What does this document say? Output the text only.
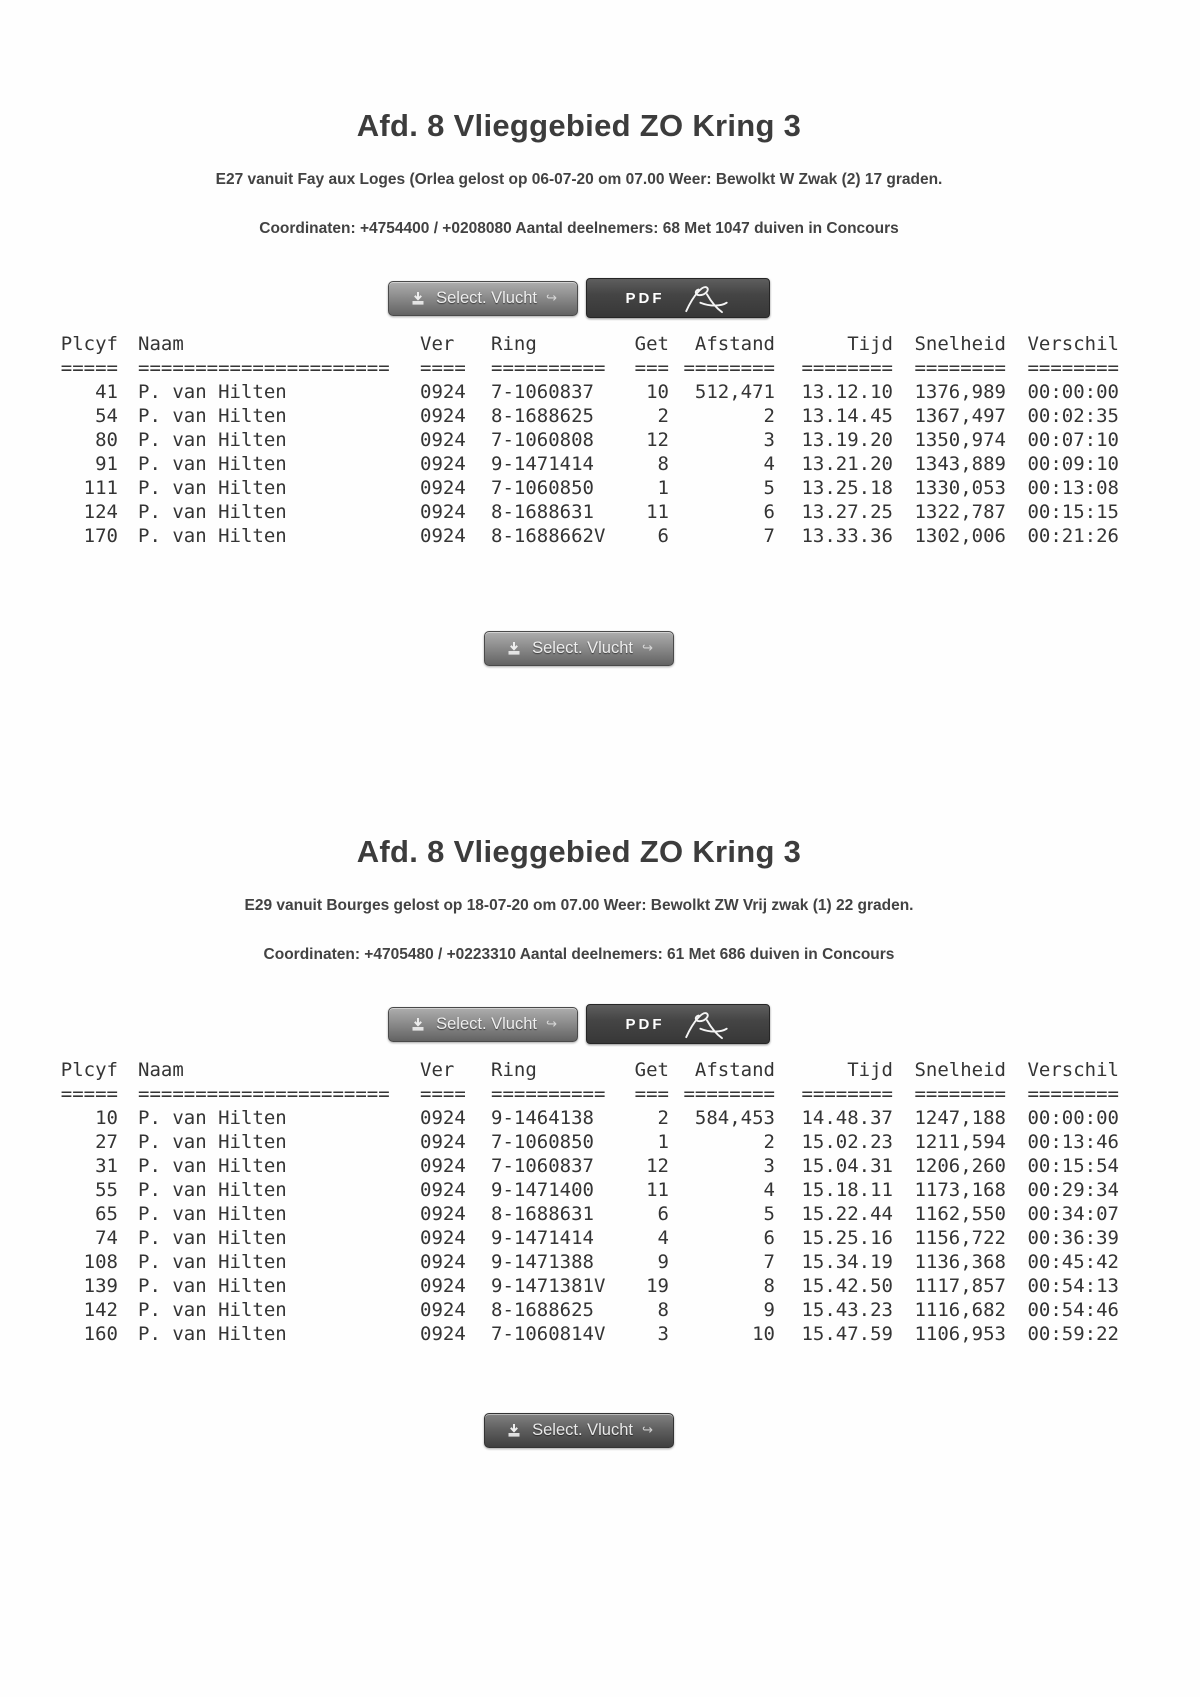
Afd. 8 Vlieggebied ZO Kring 3

E27 vanuit Fay aux Loges (Orlea gelost op 06-07-20 om 07.00 Weer: Bewolkt W Zwak (2) 17 graden.

Coordinaten: +4754400 / +0208080 Aantal deelnemers: 68 Met 1047 duiven in Concours

Select. Vlucht ↪	PDF
Plcyf Naam	Ver	Ring	Get	Afstand	Tijd Snelheid Verschil
===== ====================== ==== ========== === ======== ======== ======== ========
41 P. van Hilten	0924 7-1060837	10	512,471 13.12.10 1376,989 00:00:00
54 P. van Hilten	0924 8-1688625	2	2 13.14.45 1367,497 00:02:35
80 P. van Hilten	0924 7-1060808	12	3 13.19.20 1350,974 00:07:10
91 P. van Hilten	0924 9-1471414	8	4 13.21.20 1343,889 00:09:10
111 P. van Hilten	0924 7-1060850	1	5 13.25.18 1330,053 00:13:08
124 P. van Hilten	0924 8-1688631	11	6 13.27.25 1322,787 00:15:15
170 P. van Hilten	0924 8-1688662V	6	7 13.33.36 1302,006 00:21:26
Select. Vlucht ↪
Afd. 8 Vlieggebied ZO Kring 3

E29 vanuit Bourges gelost op 18-07-20 om 07.00 Weer: Bewolkt ZW Vrij zwak (1) 22 graden.

Coordinaten: +4705480 / +0223310 Aantal deelnemers: 61 Met 686 duiven in Concours

Select. Vlucht ↪	PDF
Plcyf Naam	Ver	Ring	Get	Afstand	Tijd Snelheid Verschil
===== ====================== ==== ========== === ======== ======== ======== ========
10 P. van Hilten	0924 9-1464138	2	584,453 14.48.37 1247,188 00:00:00
27 P. van Hilten	0924 7-1060850	1	2 15.02.23 1211,594 00:13:46
31 P. van Hilten	0924 7-1060837	12	3 15.04.31 1206,260 00:15:54
55 P. van Hilten	0924 9-1471400	11	4 15.18.11 1173,168 00:29:34
65 P. van Hilten	0924 8-1688631	6	5 15.22.44 1162,550 00:34:07
74 P. van Hilten	0924 9-1471414	4	6 15.25.16 1156,722 00:36:39
108 P. van Hilten	0924 9-1471388	9	7 15.34.19 1136,368 00:45:42
139 P. van Hilten	0924 9-1471381V	19	8 15.42.50 1117,857 00:54:13
142 P. van Hilten	0924 8-1688625	8	9 15.43.23 1116,682 00:54:46
160 P. van Hilten	0924 7-1060814V	3	10 15.47.59 1106,953 00:59:22
Select. Vlucht ↪
